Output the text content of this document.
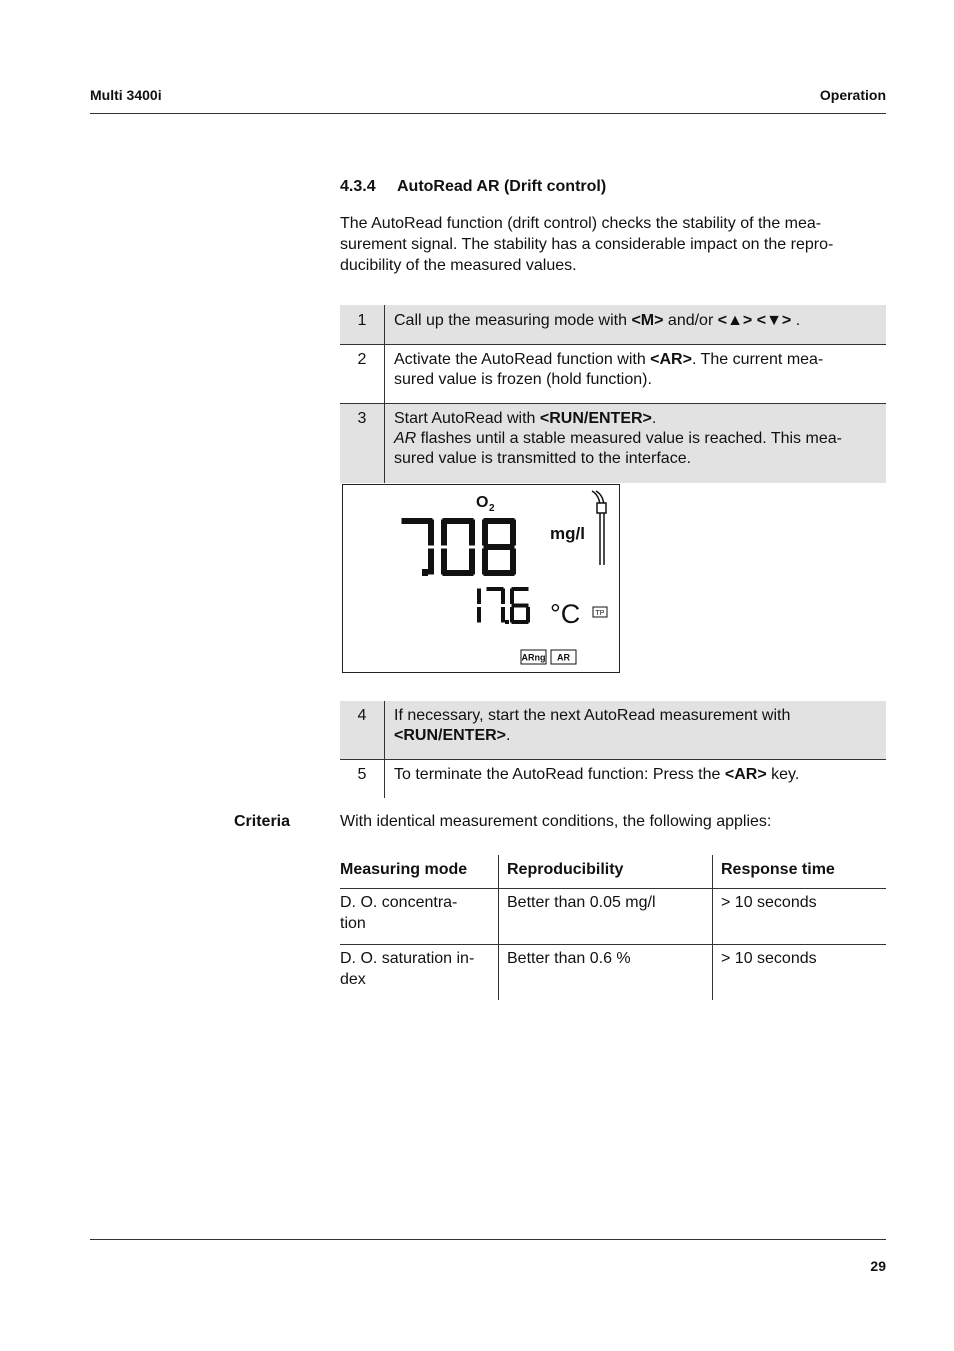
Multi 3400i	Operation
4.3.4 AutoRead AR (Drift control)
The AutoRead function (drift control) checks the stability of the mea-
surement signal. The stability has a considerable impact on the repro-
ducibility of the measured values.
1	Call up the measuring mode with <M> and/or <▲> <▼> .

2	Activate the AutoRead function with <AR>. The current mea-
sured value is frozen (hold function).

3	Start AutoRead with <RUN/ENTER>.
AR flashes until a stable measured value is reached. This mea-
sured value is transmitted to the interface.
O 2
mg/l
°C TP
ARng AR
4	If necessary, start the next AutoRead measurement with
<RUN/ENTER>.

5	To terminate the AutoRead function: Press the <AR> key.
Criteria	With identical measurement conditions, the following applies:
Measuring mode	Reproducibility	Response time

D. O. concentra-
tion	Better than 0.05 mg/l	> 10 seconds

D. O. saturation in-
dex	Better than 0.6 %	> 10 seconds
29
